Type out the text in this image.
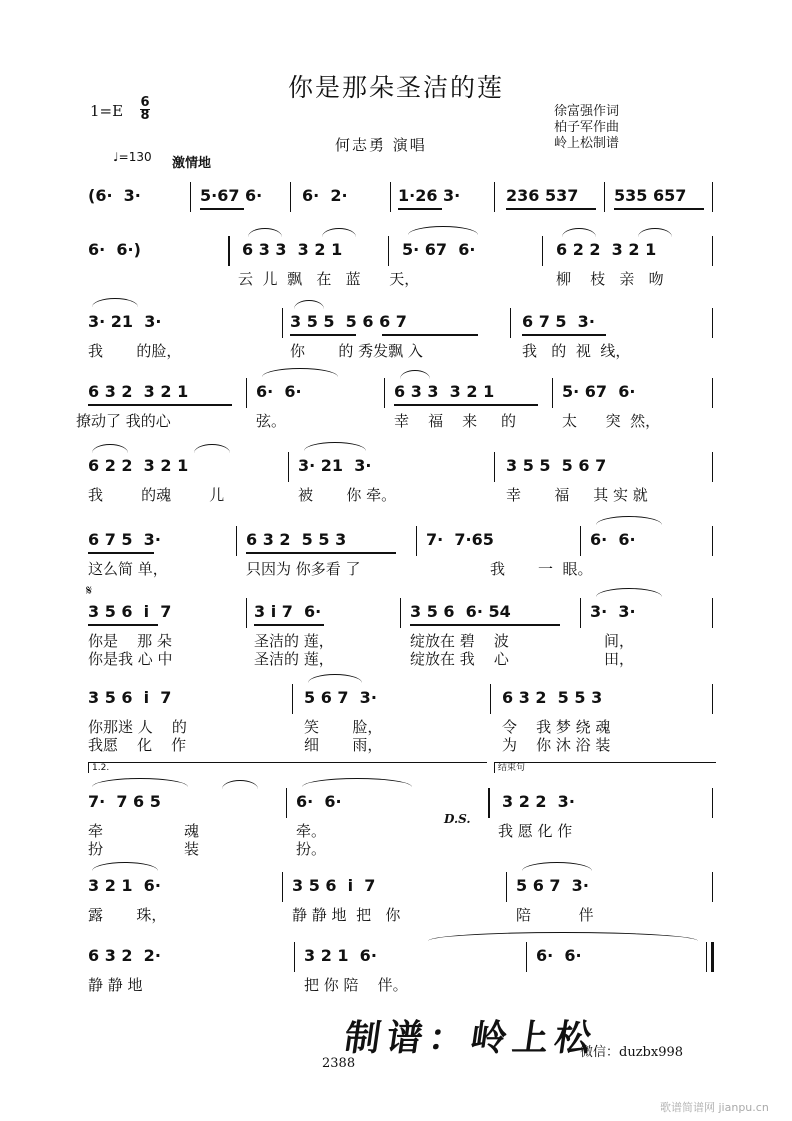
你是那朵圣洁的莲
1=E 6
8
何志勇 演唱
徐富强作词
柏子军作曲
岭上松制谱
♩=130 激情地

(6·  3·

	5·67 6·

6·  2·

	1·26 3·

	236 537

535 657

6·  6·)

	6 3 3  3 2 1

	5· 67  6·

	6 2 2  3 2 1

云  儿  飘   在   蓝      天，	柳    枝   亲   吻

3· 21  3·

	3 5 5  5 6 6 7

	6 7 5  3·

我       的脸，	你       的 秀发飘 入	我   的  视  线，

6 3 2  3 2 1

	6·  6·

	6 3 3  3 2 1

	5· 67  6·

撩动了 我的心	弦。	幸    福    来     的	太      突  然，

6 2 2  3 2 1

	3· 21  3·

	3 5 5  5 6 7

我        的魂        儿	被       你 牵。	幸       福     其 实 就

6 7 5  3·

	6 3 2  5 5 3

	7·  7·65

	6·  6·

这么简 单，	只因为 你多看 了	我 一  眼。
𝄋

3 5 6  i  7

	3 i 7  6·

	3 5 6  6· 54

	3·  3·

你是    那 朵	圣洁的 莲，	绽放在 碧    波	间，
你是我 心 中	圣洁的 莲，	绽放在 我    心	田，

3 5 6  i  7

	5 6 7  3·

	6 3 2  5 5 3

你那迷 人    的	笑       脸，	令    我 梦 绕 魂
我愿    化    作	细       雨，	为    你 沐 浴 装
1.2.	结束句

7·  7 6 5

	6·  6·

	3 2 2  3·

牵                 魂	牵。	我 愿 化 作
扮                 装	扮。
D.S.

3 2 1  6·

	3 5 6  i  7

	5 6 7  3·

露       珠，	静 静 地  把   你	陪          伴

6 3 2  2·

	3 2 1  6·

	6·  6·

静 静 地	把 你 陪    伴。
制谱：岭上松
微信：duzbx998
2388
歌谱简谱网 jianpu.cn
